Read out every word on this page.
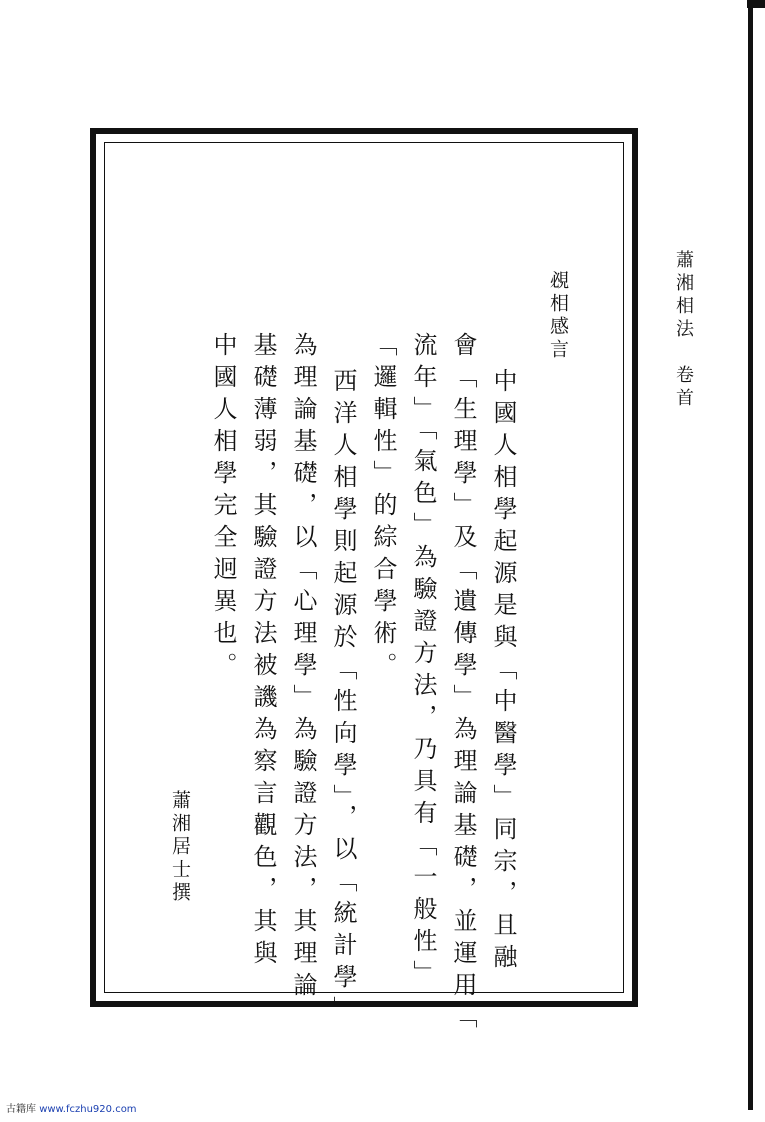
蕭湘相法　卷首
覕相感言
中國人相學起源是與「中醫學」同宗，且融
會「生理學」及「遺傳學」為理論基礎，並運用「
流年」「氣色」為驗證方法，乃具有「一般性」
「邏輯性」的綜合學術。
西洋人相學則起源於「性向學」，以「統計學」
為理論基礎，以「心理學」為驗證方法，其理論
基礎薄弱，其驗證方法被譏為察言觀色，其與
中國人相學完全迥異也。
蕭湘居士撰
古籍库 www.fczhu920.com
